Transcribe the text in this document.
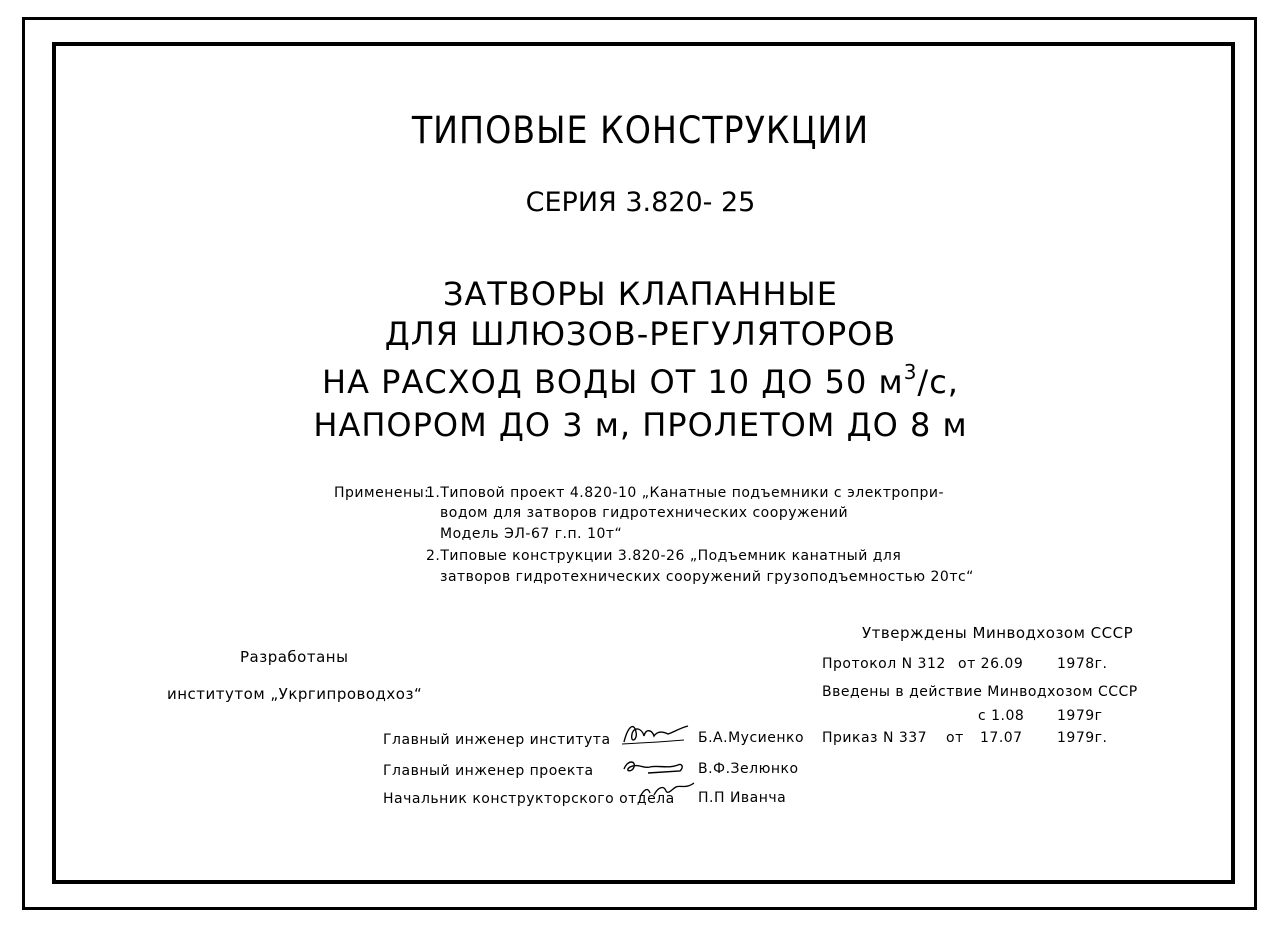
ТИПОВЫЕ КОНСТРУКЦИИ
СЕРИЯ 3.820- 25
ЗАТВОРЫ КЛАПАННЫЕ
ДЛЯ ШЛЮЗОВ-РЕГУЛЯТОРОВ
НА РАСХОД ВОДЫ ОТ 10 ДО 50 $м^3/с$,
НАПОРОМ ДО 3 м, ПРОЛЕТОМ ДО 8 м
Применены:
1.Типовой проект 4.820-10 „Канатные подъемники с электропри-
водом для затворов гидротехнических сооружений
Модель ЭЛ-67 г.п. 10т“
2.Типовые конструкции 3.820-26 „Подъемник канатный для
затворов гидротехнических сооружений грузоподъемностью 20тс“
Разработаны
институтом „Укргипроводхоз“
Утверждены Минводхозом СССР
Протокол N 312 от 26.09 1978г.
Введены в действие Минводхозом СССР
с 1.08 1979г
Приказ N 337 от 17.07 1979г.
Главный инженер института	Б.А.Мусиенко
Главный инженер проекта	В.Ф.Зелюнко
Начальник конструкторского отдела П.П Иванча
